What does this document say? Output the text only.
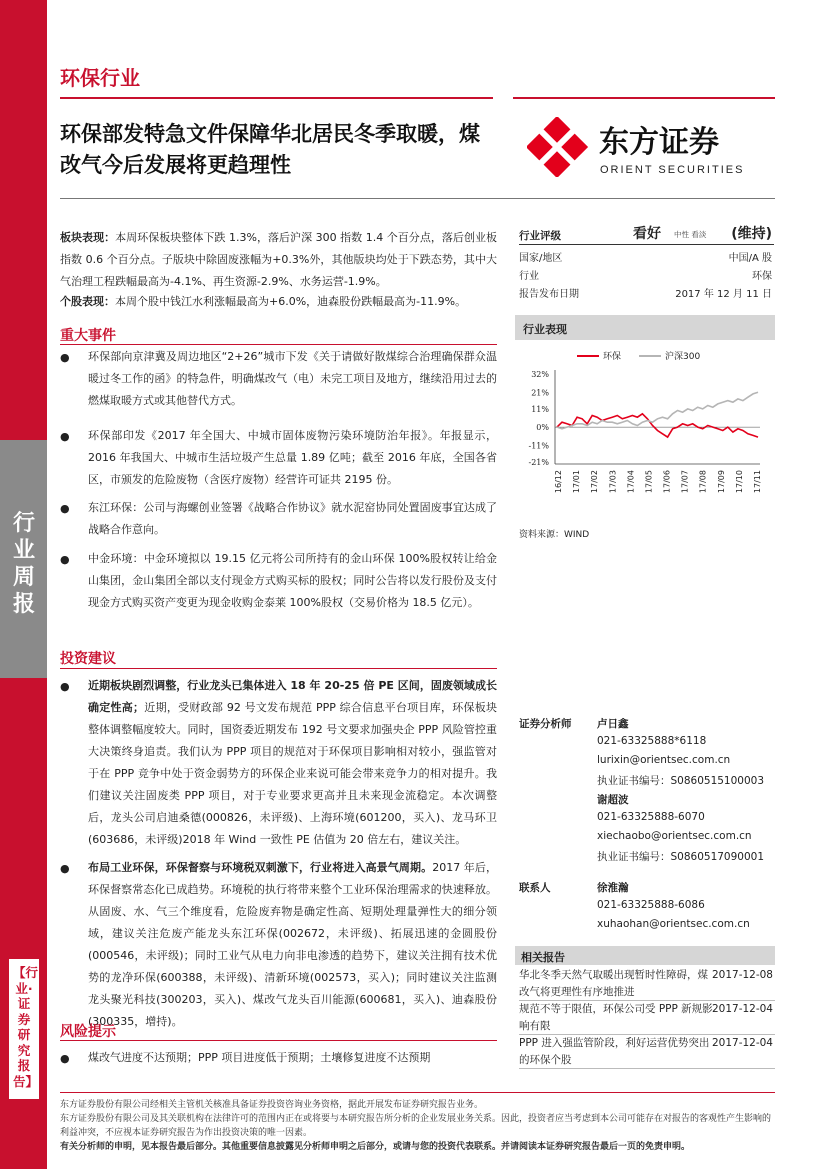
行业周报
【行业·证券研究报告】
环保行业
环保部发特急文件保障华北居民冬季取暖，煤改气今后发展将更趋理性
东方证券
ORIENT SECURITIES
板块表现：本周环保板块整体下跌 1.3%，落后沪深 300 指数 1.4 个百分点，落后创业板指数 0.6 个百分点。子版块中除固废涨幅为+0.3%外，其他版块均处于下跌态势，其中大气治理工程跌幅最高为-4.1%、再生资源-2.9%、水务运营-1.9%。
个股表现：本周个股中钱江水利涨幅最高为+6.0%，迪森股份跌幅最高为-11.9%。
重大事件
● 环保部向京津冀及周边地区“2+26”城市下发《关于请做好散煤综合治理确保群众温暖过冬工作的函》的特急件，明确煤改气（电）未完工项目及地方，继续沿用过去的燃煤取暖方式或其他替代方式。
● 环保部印发《2017 年全国大、中城市固体废物污染环境防治年报》。年报显示，2016 年我国大、中城市生活垃圾产生总量 1.89 亿吨；截至 2016 年底，全国各省区，市颁发的危险废物（含医疗废物）经营许可证共 2195 份。
● 东江环保：公司与海螺创业签署《战略合作协议》就水泥窑协同处置固废事宜达成了战略合作意向。
● 中金环境：中金环境拟以 19.15 亿元将公司所持有的金山环保 100%股权转让给金山集团，金山集团全部以支付现金方式购买标的股权；同时公告将以发行股份及支付现金方式购买资产变更为现金收购金泰莱 100%股权（交易价格为 18.5 亿元）。
投资建议
● 近期板块剧烈调整，行业龙头已集体进入 18 年 20-25 倍 PE 区间，固废领域成长确定性高；近期，受财政部 92 号文发布规范 PPP 综合信息平台项目库，环保板块整体调整幅度较大。同时，国资委近期发布 192 号文要求加强央企 PPP 风险管控重大决策终身追责。我们认为 PPP 项目的规范对于环保项目影响相对较小，强监管对于在 PPP 竞争中处于资金弱势方的环保企业来说可能会带来竞争力的相对提升。我们建议关注固废类 PPP 项目，对于专业要求更高并且未来现金流稳定。本次调整后，龙头公司启迪桑德(000826，未评级)、上海环境(601200，买入)、龙马环卫(603686，未评级)2018 年 Wind 一致性 PE 估值为 20 倍左右，建议关注。
● 布局工业环保，环保督察与环境税双刺激下，行业将进入高景气周期。2017 年后，环保督察常态化已成趋势。环境税的执行将带来整个工业环保治理需求的快速释放。从固废、水、气三个维度看，危险废弃物是确定性高、短期处理量弹性大的细分领域，建议关注危废产能龙头东江环保(002672，未评级)、拓展迅速的金圆股份(000546，未评级)；同时工业气从电力向非电渗透的趋势下，建议关注拥有技术优势的龙净环保(600388，未评级)、清新环境(002573，买入)；同时建议关注监测龙头聚光科技(300203，买入)、煤改气龙头百川能源(600681，买入)、迪森股份(300335，增持)。
风险提示
● 煤改气进度不达预期；PPP 项目进度低于预期；土壤修复进度不达预期
行业评级	看好 中性 看淡 (维持)
国家/地区	中国/A 股
行业	环保
报告发布日期	2017 年 12 月 11 日
行业表现
环保	沪深300
32%
21%
11%
0%
-11%
-21%
16/12 17/01 17/02 17/03 17/04 17/05 17/06 17/07 17/08 17/09 17/10 17/11
资料来源：WIND
证券分析师 卢日鑫
021-63325888*6118
lurixin@orientsec.com.cn
执业证书编号：S0860515100003
谢超波
021-63325888-6070
xiechaobo@orientsec.com.cn
执业证书编号：S0860517090001
联系人	徐淮瀚
021-63325888-6086
xuhaohan@orientsec.com.cn
相关报告
华北冬季天然气取暖出现暂时性障碍，煤改气将更理性有序地推进
2017-12-08
规范不等于限值，环保公司受 PPP 新规影响有限
2017-12-04
PPP 进入强监管阶段，利好运营优势突出的环保个股
2017-12-04
东方证券股份有限公司经相关主管机关核准具备证券投资咨询业务资格，据此开展发布证券研究报告业务。
东方证券股份有限公司及其关联机构在法律许可的范围内正在或将要与本研究报告所分析的企业发展业务关系。因此，投资者应当考虑到本公司可能存在对报告的客观性产生影响的利益冲突，不应视本证券研究报告为作出投资决策的唯一因素。
有关分析师的申明，见本报告最后部分。其他重要信息披露见分析师申明之后部分，或请与您的投资代表联系。并请阅读本证券研究报告最后一页的免责申明。
